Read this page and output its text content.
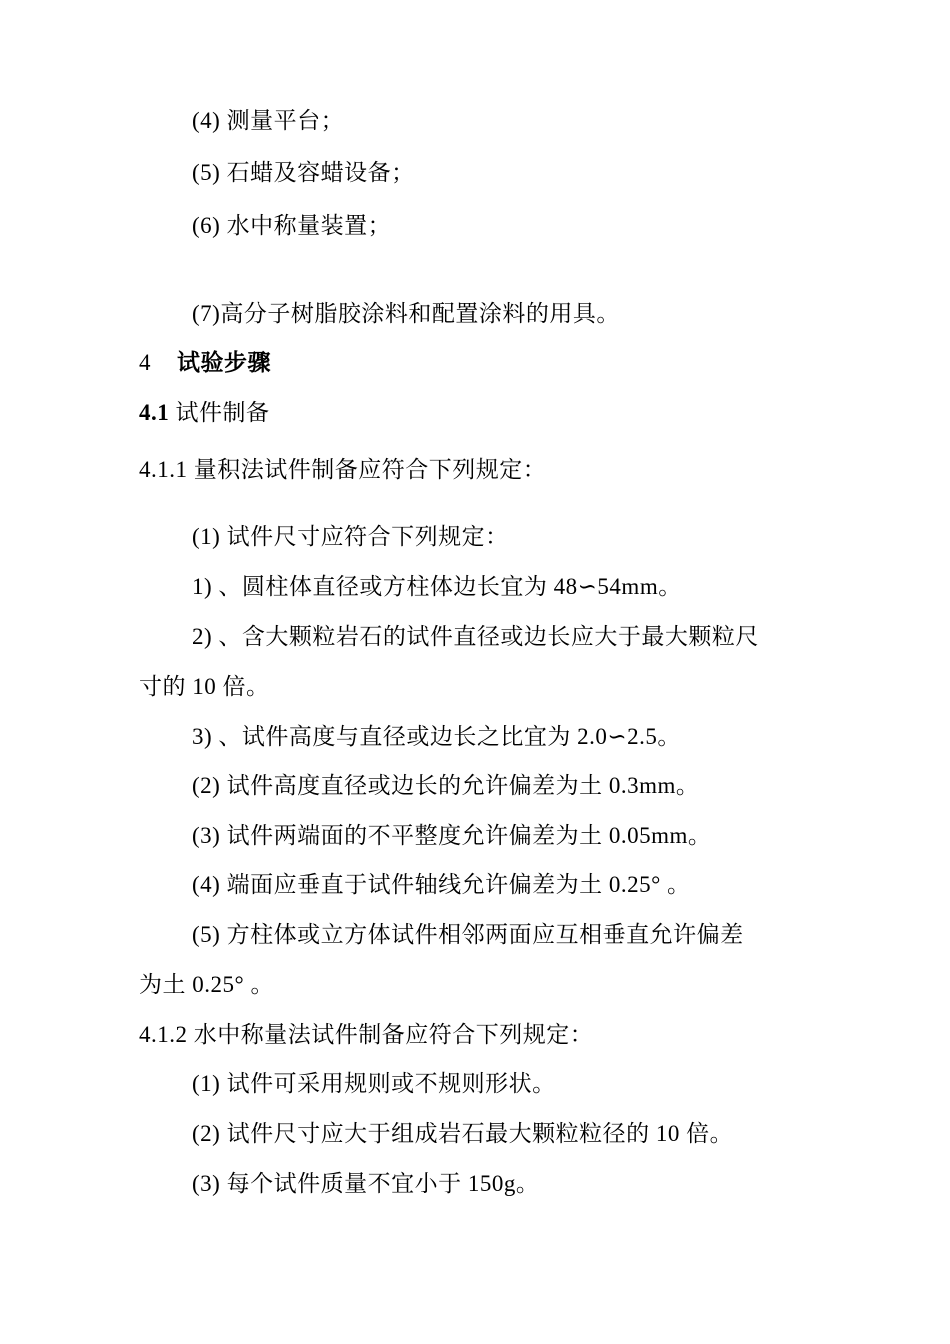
(4) 测量平台；
(5) 石蜡及容蜡设备；
(6) 水中称量装置；
(7)高分子树脂胶涂料和配置涂料的用具。
4 试验步骤
4.1 试件制备
4.1.1 量积法试件制备应符合下列规定：
(1) 试件尺寸应符合下列规定：
1) 、圆柱体直径或方柱体边长宜为 48∽54mm。
2) 、含大颗粒岩石的试件直径或边长应大于最大颗粒尺
寸的 10 倍。
3) 、试件高度与直径或边长之比宜为 2.0∽2.5。
(2) 试件高度直径或边长的允许偏差为土 0.3mm。
(3) 试件两端面的不平整度允许偏差为土 0.05mm。
(4) 端面应垂直于试件轴线允许偏差为土 0.25° 。
(5) 方柱体或立方体试件相邻两面应互相垂直允许偏差
为土 0.25° 。
4.1.2 水中称量法试件制备应符合下列规定：
(1) 试件可采用规则或不规则形状。
(2) 试件尺寸应大于组成岩石最大颗粒粒径的 10 倍。
(3) 每个试件质量不宜小于 150g。
